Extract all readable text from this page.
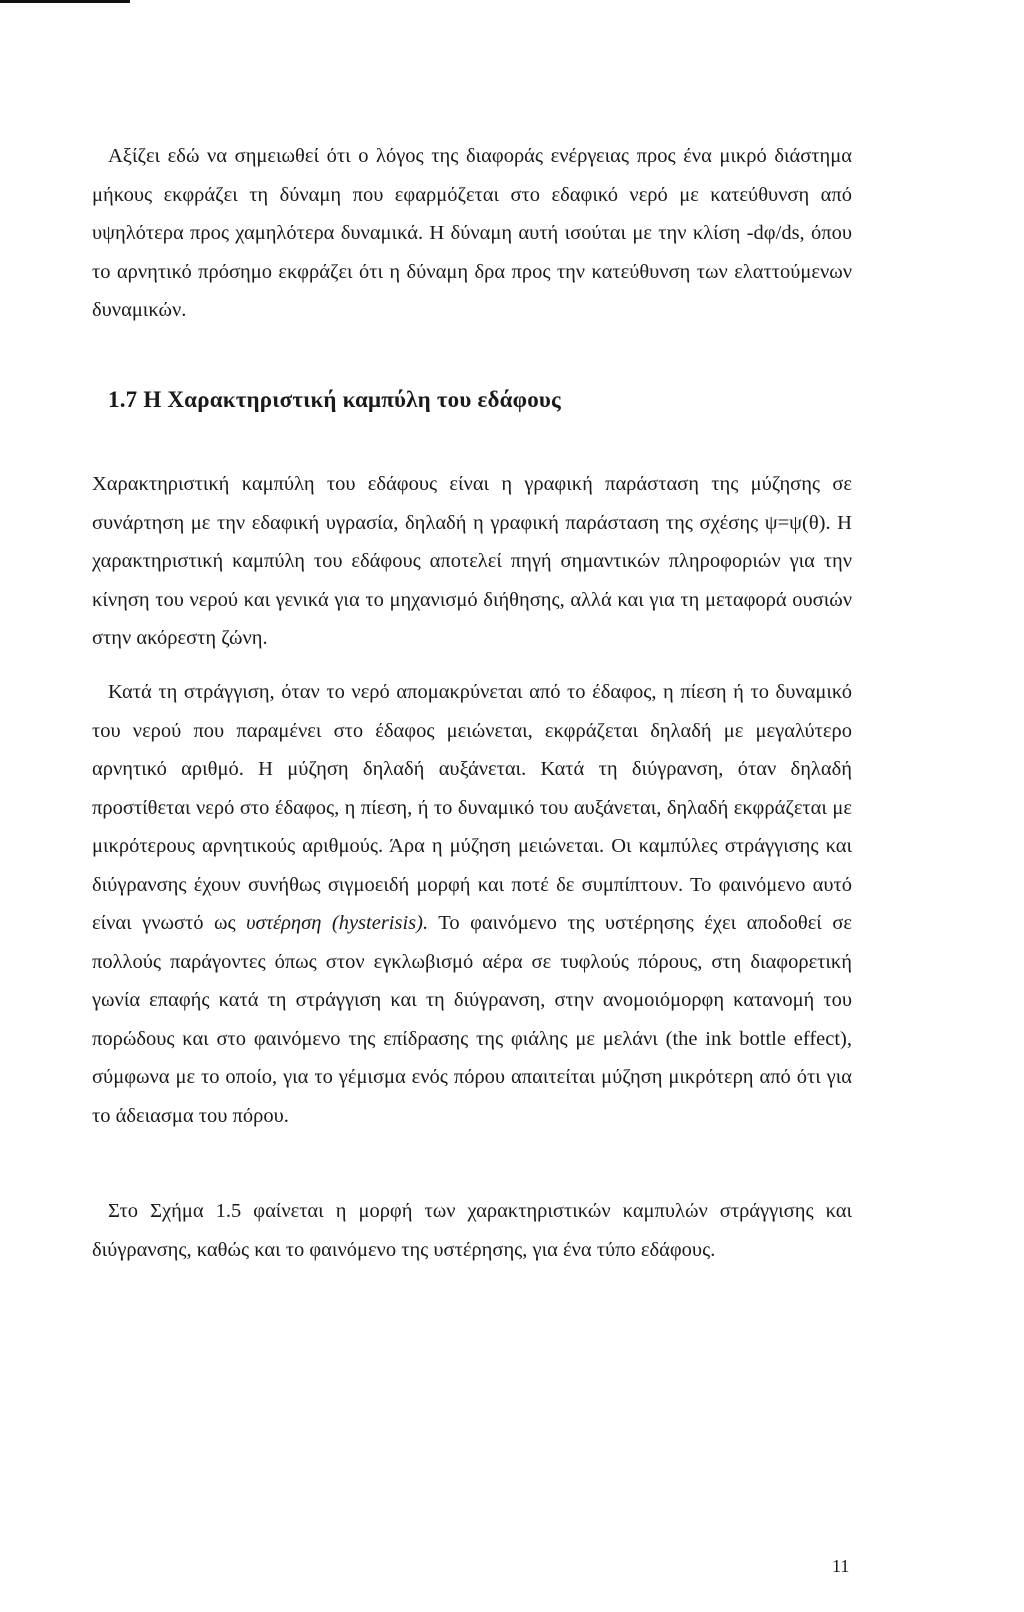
Αξίζει εδώ να σημειωθεί ότι ο λόγος της διαφοράς ενέργειας προς ένα μικρό διάστημα μήκους εκφράζει τη δύναμη που εφαρμόζεται στο εδαφικό νερό με κατεύθυνση από υψηλότερα προς χαμηλότερα δυναμικά. Η δύναμη αυτή ισούται με την κλίση -dφ/ds, όπου το αρνητικό πρόσημο εκφράζει ότι η δύναμη δρα προς την κατεύθυνση των ελαττούμενων δυναμικών.

1.7 Η Χαρακτηριστική καμπύλη του εδάφους

Χαρακτηριστική καμπύλη του εδάφους είναι η γραφική παράσταση της μύζησης σε συνάρτηση με την εδαφική υγρασία, δηλαδή η γραφική παράσταση της σχέσης ψ=ψ(θ). Η χαρακτηριστική καμπύλη του εδάφους αποτελεί πηγή σημαντικών πληροφοριών για την κίνηση του νερού και γενικά για το μηχανισμό διήθησης, αλλά και για τη μεταφορά ουσιών στην ακόρεστη ζώνη.

Κατά τη στράγγιση, όταν το νερό απομακρύνεται από το έδαφος, η πίεση ή το δυναμικό του νερού που παραμένει στο έδαφος μειώνεται, εκφράζεται δηλαδή με μεγαλύτερο αρνητικό αριθμό. Η μύζηση δηλαδή αυξάνεται. Κατά τη διύγρανση, όταν δηλαδή προστίθεται νερό στο έδαφος, η πίεση, ή το δυναμικό του αυξάνεται, δηλαδή εκφράζεται με μικρότερους αρνητικούς αριθμούς. Άρα η μύζηση μειώνεται. Οι καμπύλες στράγγισης και διύγρανσης έχουν συνήθως σιγμοειδή μορφή και ποτέ δε συμπίπτουν. Το φαινόμενο αυτό είναι γνωστό ως υστέρηση (hysterisis). Το φαινόμενο της υστέρησης έχει αποδοθεί σε πολλούς παράγοντες όπως στον εγκλωβισμό αέρα σε τυφλούς πόρους, στη διαφορετική γωνία επαφής κατά τη στράγγιση και τη διύγρανση, στην ανομοιόμορφη κατανομή του πορώδους και στο φαινόμενο της επίδρασης της φιάλης με μελάνι (the ink bottle effect), σύμφωνα με το οποίο, για το γέμισμα ενός πόρου απαιτείται μύζηση μικρότερη από ότι για το άδειασμα του πόρου.

Στο Σχήμα 1.5 φαίνεται η μορφή των χαρακτηριστικών καμπυλών στράγγισης και διύγρανσης, καθώς και το φαινόμενο της υστέρησης, για ένα τύπο εδάφους.

11
